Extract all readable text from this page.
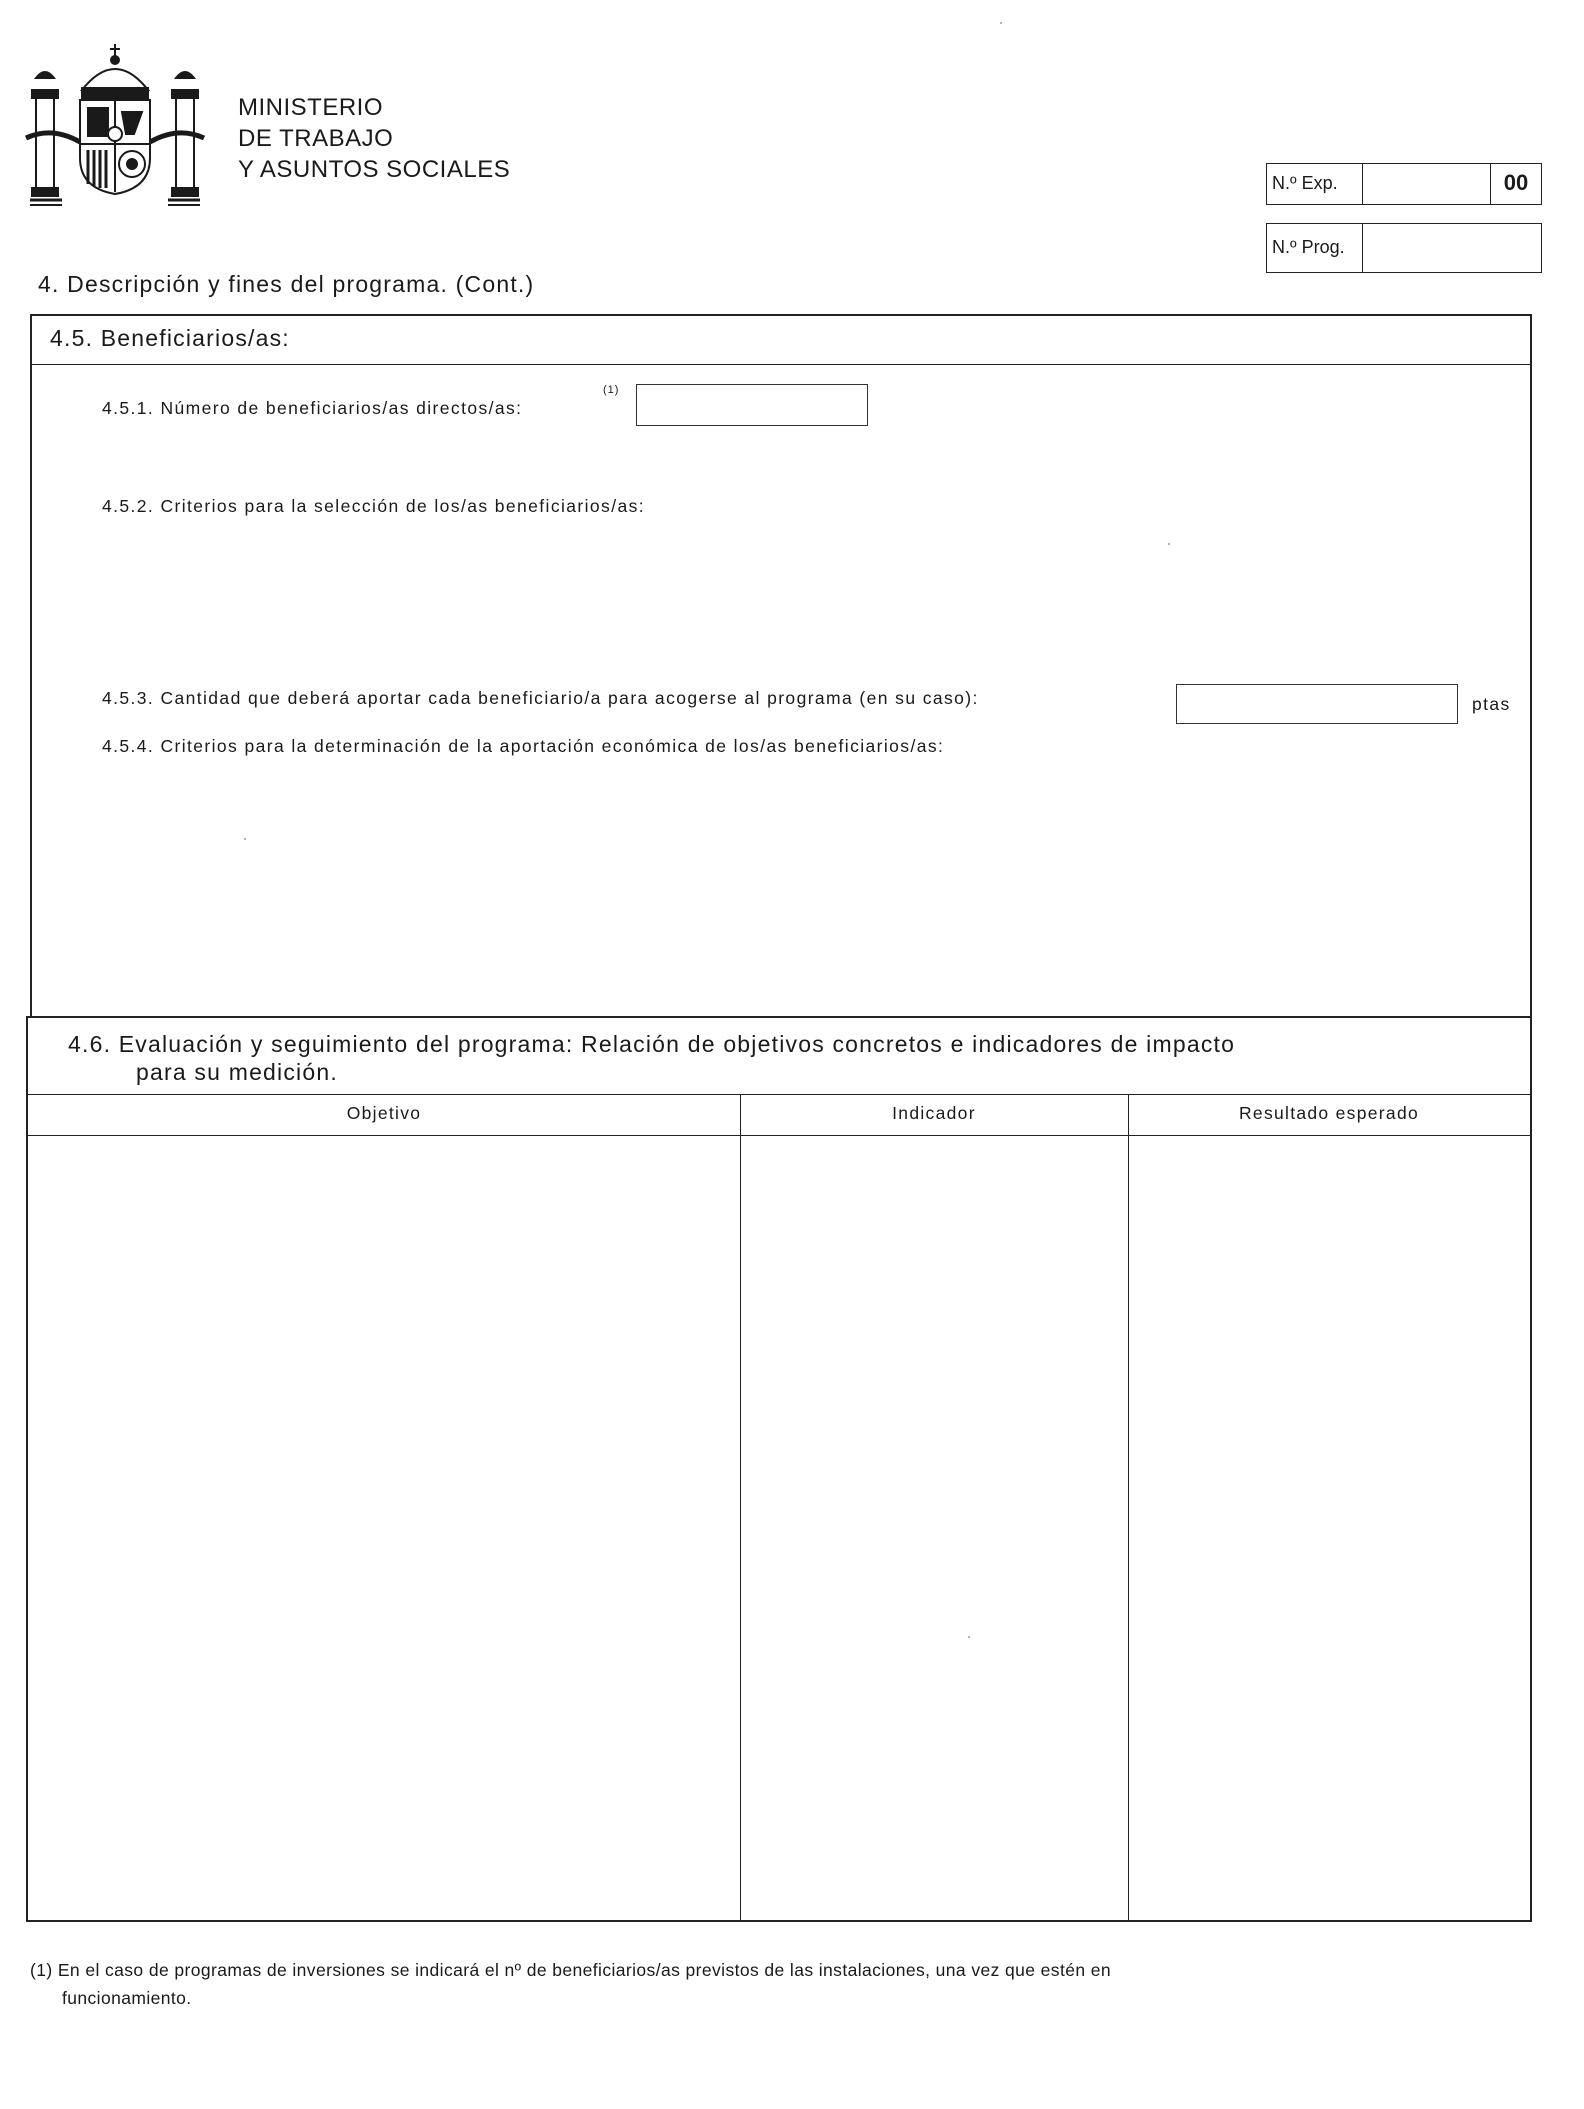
MINISTERIO
DE TRABAJO
Y ASUNTOS SOCIALES	N.º Exp.	00
N.º Prog.
4. Descripción y fines del programa. (Cont.)
4.5. Beneficiarios/as:
4.5.1. Número de beneficiarios/as directos/as:
(1)
4.5.2. Criterios para la selección de los/as beneficiarios/as:
4.5.3. Cantidad que deberá aportar cada beneficiario/a para acogerse al programa (en su caso):	ptas
4.5.4. Criterios para la determinación de la aportación económica de los/as beneficiarios/as:
4.6. Evaluación y seguimiento del programa: Relación de objetivos concretos e indicadores de impacto
para su medición.
Objetivo	Indicador	Resultado esperado
(1) En el caso de programas de inversiones se indicará el nº de beneficiarios/as previstos de las instalaciones, una vez que estén en
funcionamiento.
